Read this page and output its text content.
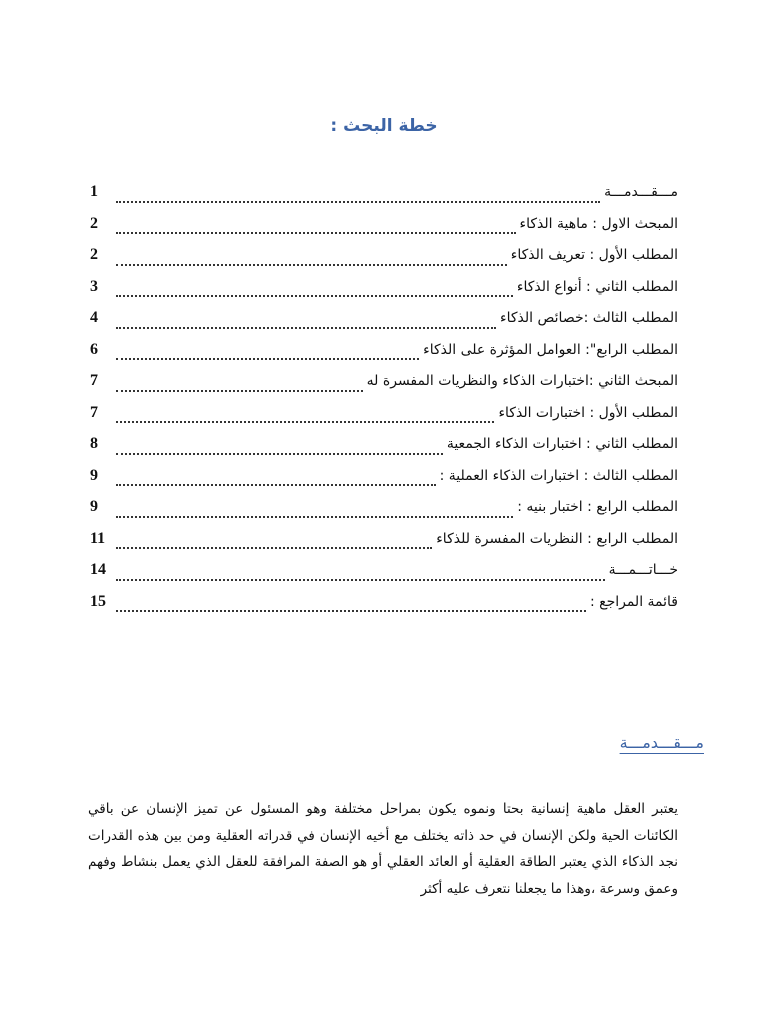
خطة البحث :
مـــقـــدمـــة
1
المبحث الاول : ماهية الذكاء
2
المطلب الأول : تعريف الذكاء
2
المطلب الثاني : أنواع الذكاء
3
المطلب الثالث :خصائص الذكاء
4
المطلب الرابع": العوامل المؤثرة على الذكاء
6
المبحث الثاني :اختبارات الذكاء والنظريات المفسرة له
7
المطلب الأول : اختبارات الذكاء
7
المطلب الثاني : اختبارات الذكاء الجمعية
8
المطلب الثالث : اختبارات الذكاء العملية :
9
المطلب الرابع : اختبار بنيه :
9
المطلب الرابع : النظريات المفسرة للذكاء
11
خـــاتـــمـــة
14
قائمة المراجع :
15
مـــقـــدمـــة

يعتبر العقل ماهية إنسانية بحتا ونموه يكون بمراحل مختلفة وهو المسئول عن تميز الإنسان عن باقي الكائنات الحية ولكن الإنسان في حد ذاته يختلف مع أخيه الإنسان في قدراته العقلية ومن بين هذه القدرات نجد الذكاء الذي يعتبر الطاقة العقلية أو العائد العقلي أو هو الصفة المرافقة للعقل الذي يعمل بنشاط وفهم وعمق وسرعة ،وهذا ما يجعلنا نتعرف عليه أكثر
